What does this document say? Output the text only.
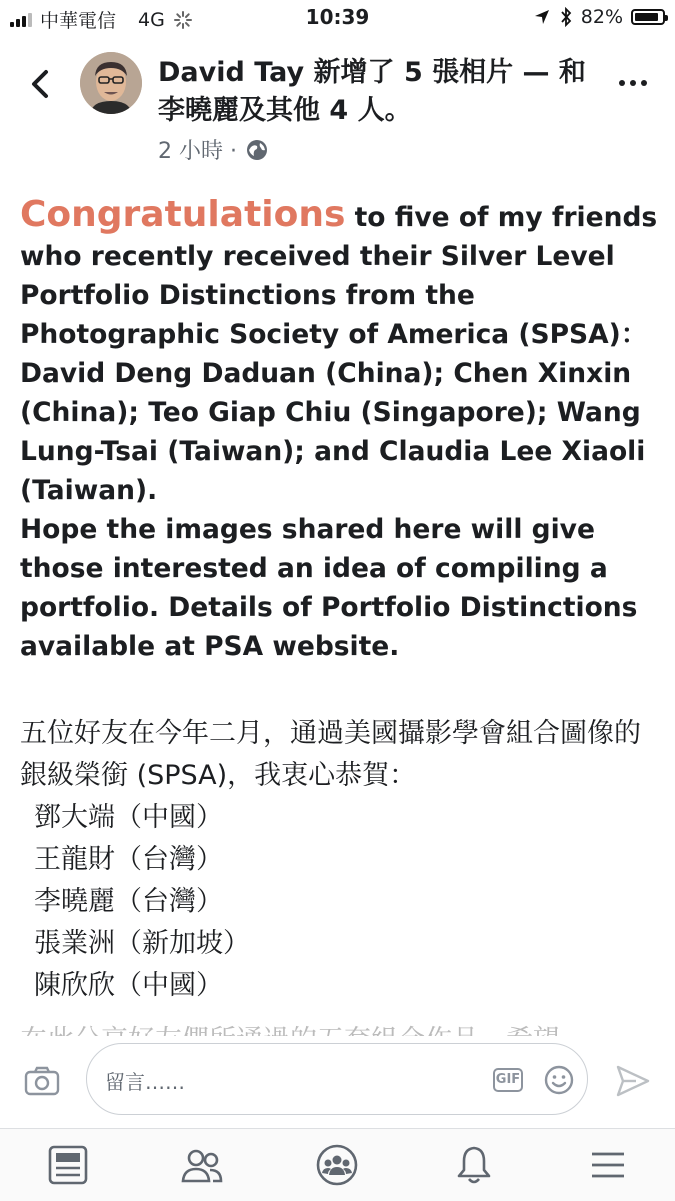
中華電信 4G	10:39	82%
David Tay 新增了 5 張相片 — 和李曉麗及其他 4 人。
2 小時 ·
Congratulations to five of my friends who recently received their Silver Level Portfolio Distinctions from the Photographic Society of America (SPSA)：David Deng Daduan (China); Chen Xinxin (China); Teo Giap Chiu (Singapore); Wang Lung-Tsai (Taiwan); and Claudia Lee Xiaoli (Taiwan).
Hope the images shared here will give those interested an idea of compiling a portfolio. Details of Portfolio Distinctions available at PSA website.
五位好友在今年二月，通過美國攝影學會組合圖像的銀級榮銜 (SPSA)，我衷心恭賀：
鄧大端（中國）
王龍財（台灣）
李曉麗（台灣）
張業洲（新加坡）
陳欣欣（中國）
留言……	GIF
